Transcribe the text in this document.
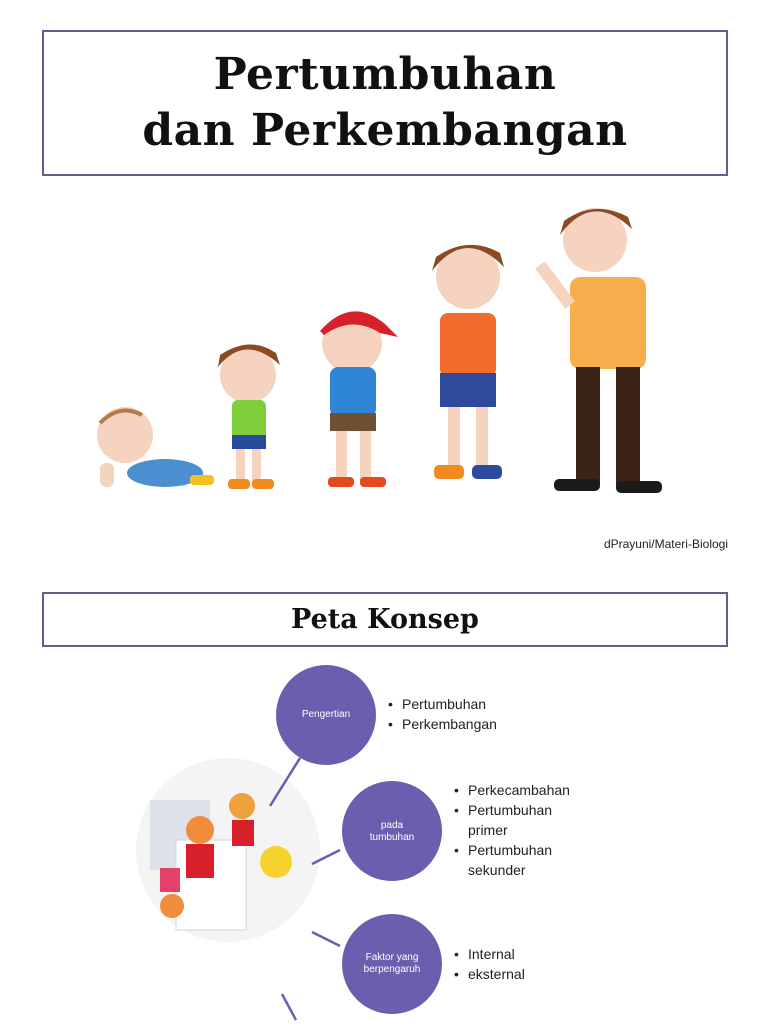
Pertumbuhan
dan Perkembangan
dPrayuni/Materi-Biologi
Peta Konsep
Pengertian
pada
tumbuhan
Faktor yang
berpengaruh
• Pertumbuhan
• Perkembangan
• Perkecambahan
• Pertumbuhan primer
• Pertumbuhan sekunder
• Internal
• eksternal
